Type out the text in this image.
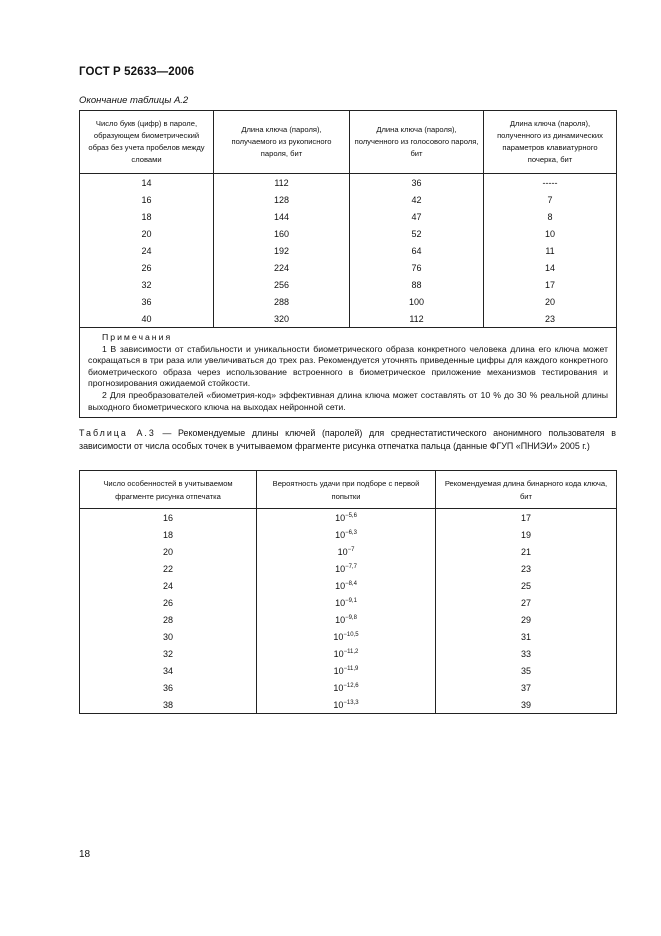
ГОСТ Р 52633—2006
Окончание таблицы А.2
Число букв (цифр) в пароле, образующем биометрический образ без учета пробелов между словами	Длина ключа (пароля), получаемого из рукописного пароля, бит	Длина ключа (пароля), полученного из голосового пароля, бит	Длина ключа (пароля), полученного из динамических параметров клавиатурного почерка, бит
14	112	36	-----
16	128	42	7
18	144	47	8
20	160	52	10
24	192	64	11
26	224	76	14
32	256	88	17
36	288	100	20
40	320	112	23

Примечания

1 В зависимости от стабильности и уникальности биометрического образа конкретного человека длина его ключа может сокращаться в три раза или увеличиваться до трех раз. Рекомендуется уточнять приведенные цифры для каждого конкретного биометрического образа через использование встроенного в биометрическое приложение механизмов тестирования и прогнозирования ожидаемой стойкости.

2 Для преобразователей «биометрия-код» эффективная длина ключа может составлять от 10 % до 30 % реальной длины выходного биометрического ключа на выходах нейронной сети.			

Таблица А.3 — Рекомендуемые длины ключей (паролей) для среднестатистического анонимного пользователя в зависимости от числа особых точек в учитываемом фрагменте рисунка отпечатка пальца (данные ФГУП «ПНИЭИ» 2005 г.)
Число особенностей в учитываемом фрагменте рисунка отпечатка	Вероятность удачи при подборе с первой попытки	Рекомендуемая длина бинарного кода ключа, бит
16	$10^{-5,6}$	17
18	$10^{-6,3}$	19
20	$10^{-7}$	21
22	$10^{-7,7}$	23
24	$10^{-8,4}$	25
26	$10^{-9,1}$	27
28	$10^{-9,8}$	29
30	$10^{-10,5}$	31
32	$10^{-11,2}$	33
34	$10^{-11,9}$	35
36	$10^{-12,6}$	37
38	$10^{-13,3}$	39
18
